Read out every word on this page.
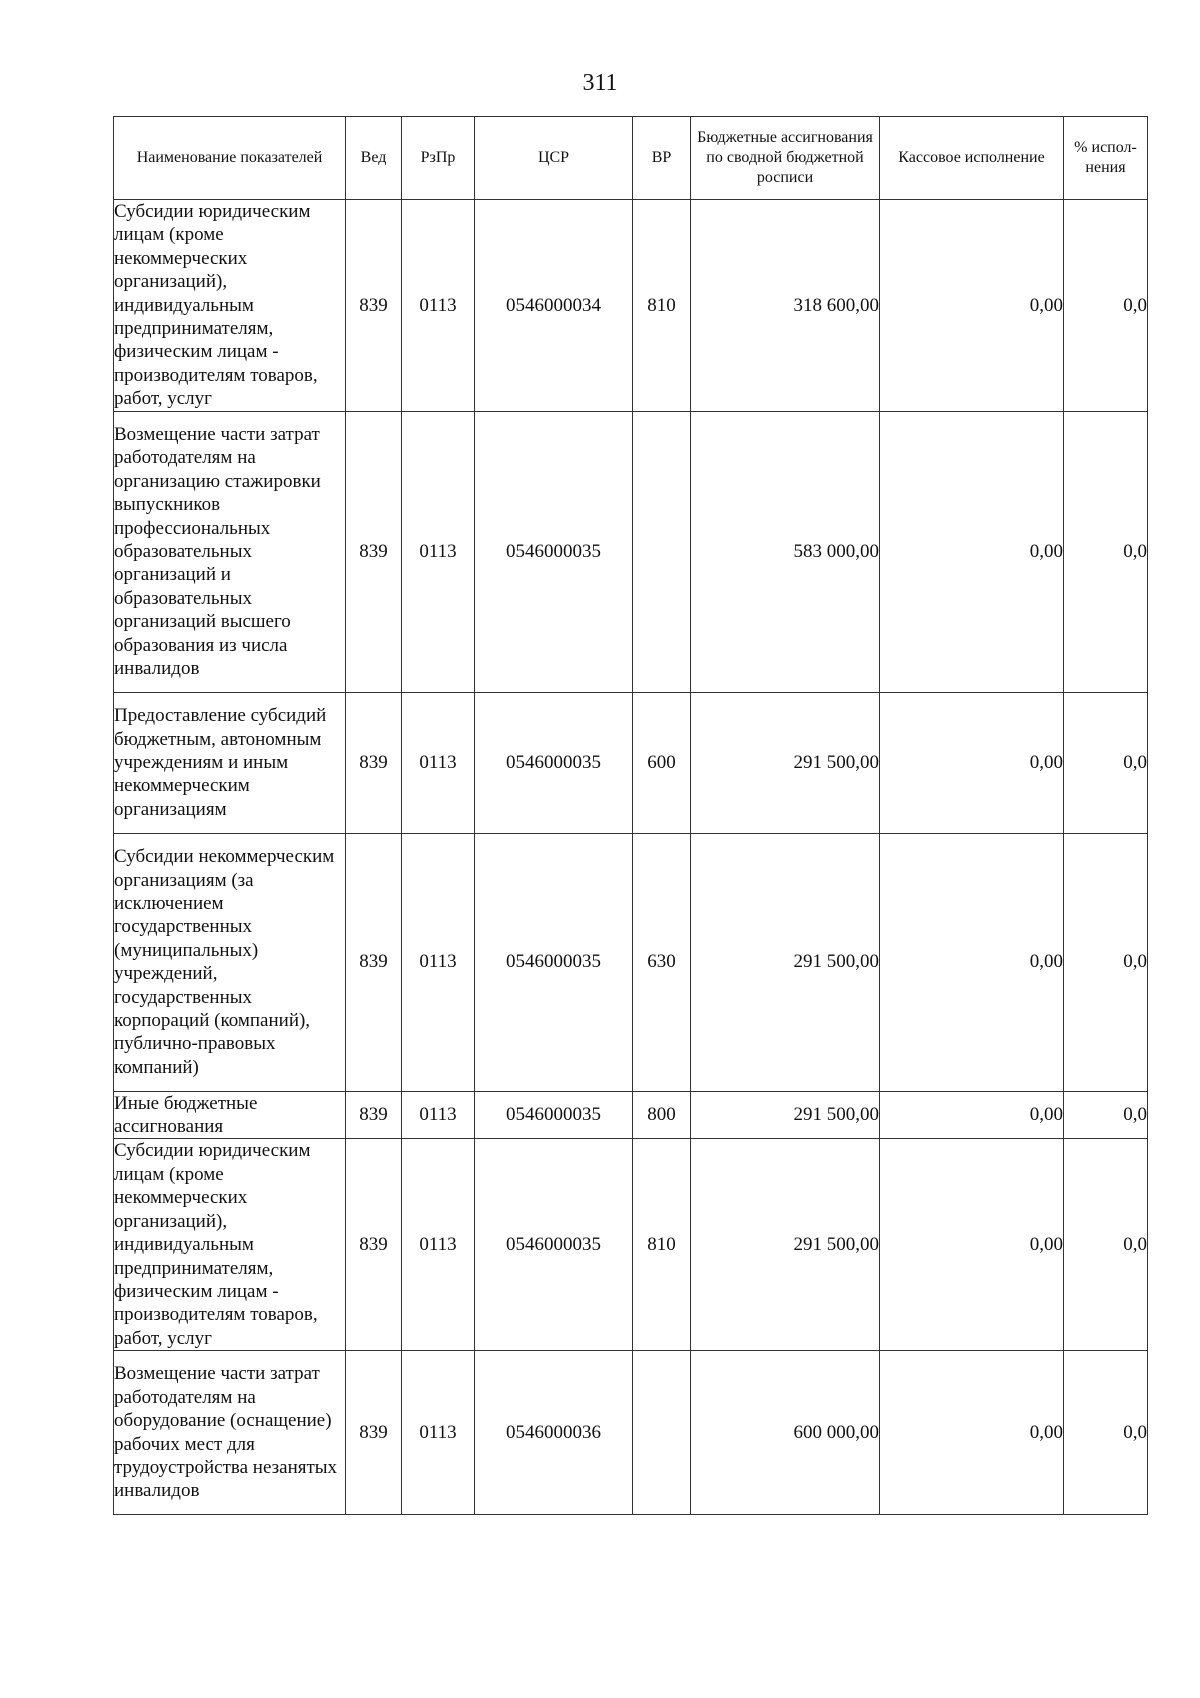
311
Наименование показателей	Вед	РзПр	ЦСР	ВР	Бюджетные ассигнования по сводной бюджетной росписи	Кассовое исполнение	% испол-нения
Субсидии юридическим лицам (кроме некоммерческих организаций), индивидуальным предпринимателям, физическим лицам - производителям товаров, работ, услуг	839	0113	0546000034	810	318 600,00	0,00	0,0
Возмещение части затрат работодателям на организацию стажировки выпускников профессиональных образовательных организаций и образовательных организаций высшего образования из числа инвалидов	839	0113	0546000035		583 000,00	0,00	0,0
Предоставление субсидий бюджетным, автономным учреждениям и иным некоммерческим организациям	839	0113	0546000035	600	291 500,00	0,00	0,0
Субсидии некоммерческим организациям (за исключением государственных (муниципальных) учреждений, государственных корпораций (компаний), публично-правовых компаний)	839	0113	0546000035	630	291 500,00	0,00	0,0
Иные бюджетные ассигнования	839	0113	0546000035	800	291 500,00	0,00	0,0
Субсидии юридическим лицам (кроме некоммерческих организаций), индивидуальным предпринимателям, физическим лицам - производителям товаров, работ, услуг	839	0113	0546000035	810	291 500,00	0,00	0,0
Возмещение части затрат работодателям на оборудование (оснащение) рабочих мест для трудоустройства незанятых инвалидов	839	0113	0546000036		600 000,00	0,00	0,0
